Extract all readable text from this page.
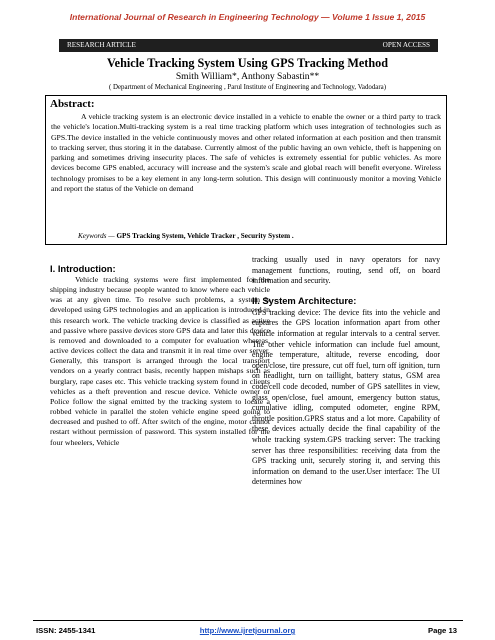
International Journal of Research in Engineering Technology — Volume 1 Issue 1, 2015
RESEARCH ARTICLE	OPEN ACCESS
Vehicle Tracking System Using GPS Tracking Method
Smith William*, Anthony Sabastin**
( Department of Mechanical Engineering , Parul Institute of Engineering and Technology, Vadodara)
Abstract:
A vehicle tracking system is an electronic device installed in a vehicle to enable the owner or a third party to track the vehicle's location.Multi-tracking system is a real time tracking platform which uses integration of technologies such as GPS.The device installed in the vehicle continuously moves and other related information at each position and then transmit to tracking server, thus storing it in the database. Currently almost of the public having an own vehicle, theft is happening on parking and sometimes driving insecurity places. The safe of vehicles is extremely essential for public vehicles. As more devices become GPS enabled, accuracy will increase and the system's scale and global reach will benefit everyone. Wireless technology promises to be a key element in any long-term solution. This design will continuously monitor a moving Vehicle and report the status of the Vehicle on demand
Keywords — GPS Tracking System, Vehicle Tracker , Security System .
I. Introduction:

Vehicle tracking systems were first implemented for the shipping industry because people wanted to know where each vehicle was at any given time. To resolve such problems, a system is developed using GPS technologies and an application is introduced in this research work. The vehicle tracking device is classified as active and passive where passive devices store GPS data and later this device is removed and downloaded to a computer for evaluation whereas, active devices collect the data and transmit it in real time over server. Generally, this transport is arranged through the local transport vendors on a yearly contract basis, recently happen mishaps such as burglary, rape cases etc. This vehicle tracking system found in clients vehicles as a theft prevention and rescue device. Vehicle owner or Police follow the signal emitted by the tracking system to locate a robbed vehicle in parallel the stolen vehicle engine speed going to decreased and pushed to off. After switch of the engine, motor cannot restart without permission of password. This system installed for the four wheelers, Vehicle

tracking usually used in navy operators for navy management functions, routing, send off, on board information and security.

II. System Architecture:

GPS tracking device: The device fits into the vehicle and captures the GPS location information apart from other vehicle information at regular intervals to a central server. The other vehicle information can include fuel amount, engine temperature, altitude, reverse encoding, door open/close, tire pressure, cut off fuel, turn off ignition, turn on headlight, turn on taillight, battery status, GSM area code/cell code decoded, number of GPS satellites in view, glass open/close, fuel amount, emergency button status, cumulative idling, computed odometer, engine RPM, throttle position.GPRS status and a lot more. Capability of these devices actually decide the final capability of the whole tracking system.GPS tracking server: The tracking server has three responsibilities: receiving data from the GPS tracking unit, securely storing it, and serving this information on demand to the user.User interface: The UI determines how

ISSN: 2455-1341	http://www.ijretjournal.org	Page 13
